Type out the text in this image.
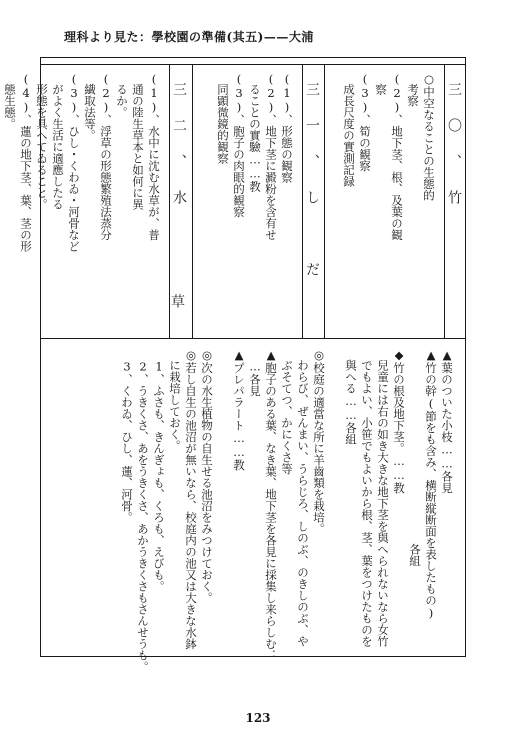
理科より見た：學校園の準備(其五)——大浦
三〇、竹
○中空なることの生態的
　考察
(2)、地下茎、根、及葉の観
　察
(3)、筍の観察
　成長尺度の實測記録
三一、し　だ
(1)、形態の観察
(2)、地下茎に澱粉を含有せ
　ることの實驗……教
(3)、胞子の肉眼的観察
　同顕微鏡的観察
三二、水
草
(1)、水中に沈む水草が、普
　通の陸生草本と如何に異
　るか。
(2)、浮草の形態繁殖法蒸分
　繊取法等。
(3)、ひし・くわゐ・河骨など
　がよく生活に適應したる
　形態を具へてゐること。
(4)、蓮の地下茎、葉、茎の形
　態生態。

▲葉のついた小枝……各見
▲竹の幹(節をも含み、横断縦断面を表したもの)
　　　　　　　　　　　　　　　　　各組
◆竹の根及地下茎。……教
　兒童には右の如き大きな地下茎を與へられないなら女竹
　でもよい、小笹でもよいから根、茎、葉をつけたものを
　與へる……各組

◎校庭の適當な所に羊齒類を栽培。
　わらび、ぜんまい、うらじろ、しのぶ、のきしのぶ、や
　ぶそてつ、かにくさ等
▲胞子のある葉、なき葉、地下茎を各見に採集し来らしむ：
　…各見
▲プレパラート……教

◎次の水生植物の自生せる池沼をみつけておく。
◎若し自生の池沼が無いなら、校庭内の池又は大きな水鉢
　に栽培しておく。
　1、ふさも、きんぎょも、くろも、えびも。
　2、うきくさ、あをうきくさ、あかうきくさもさんせうも。
　3、くわゐ、ひし、蓮、河骨。
123
